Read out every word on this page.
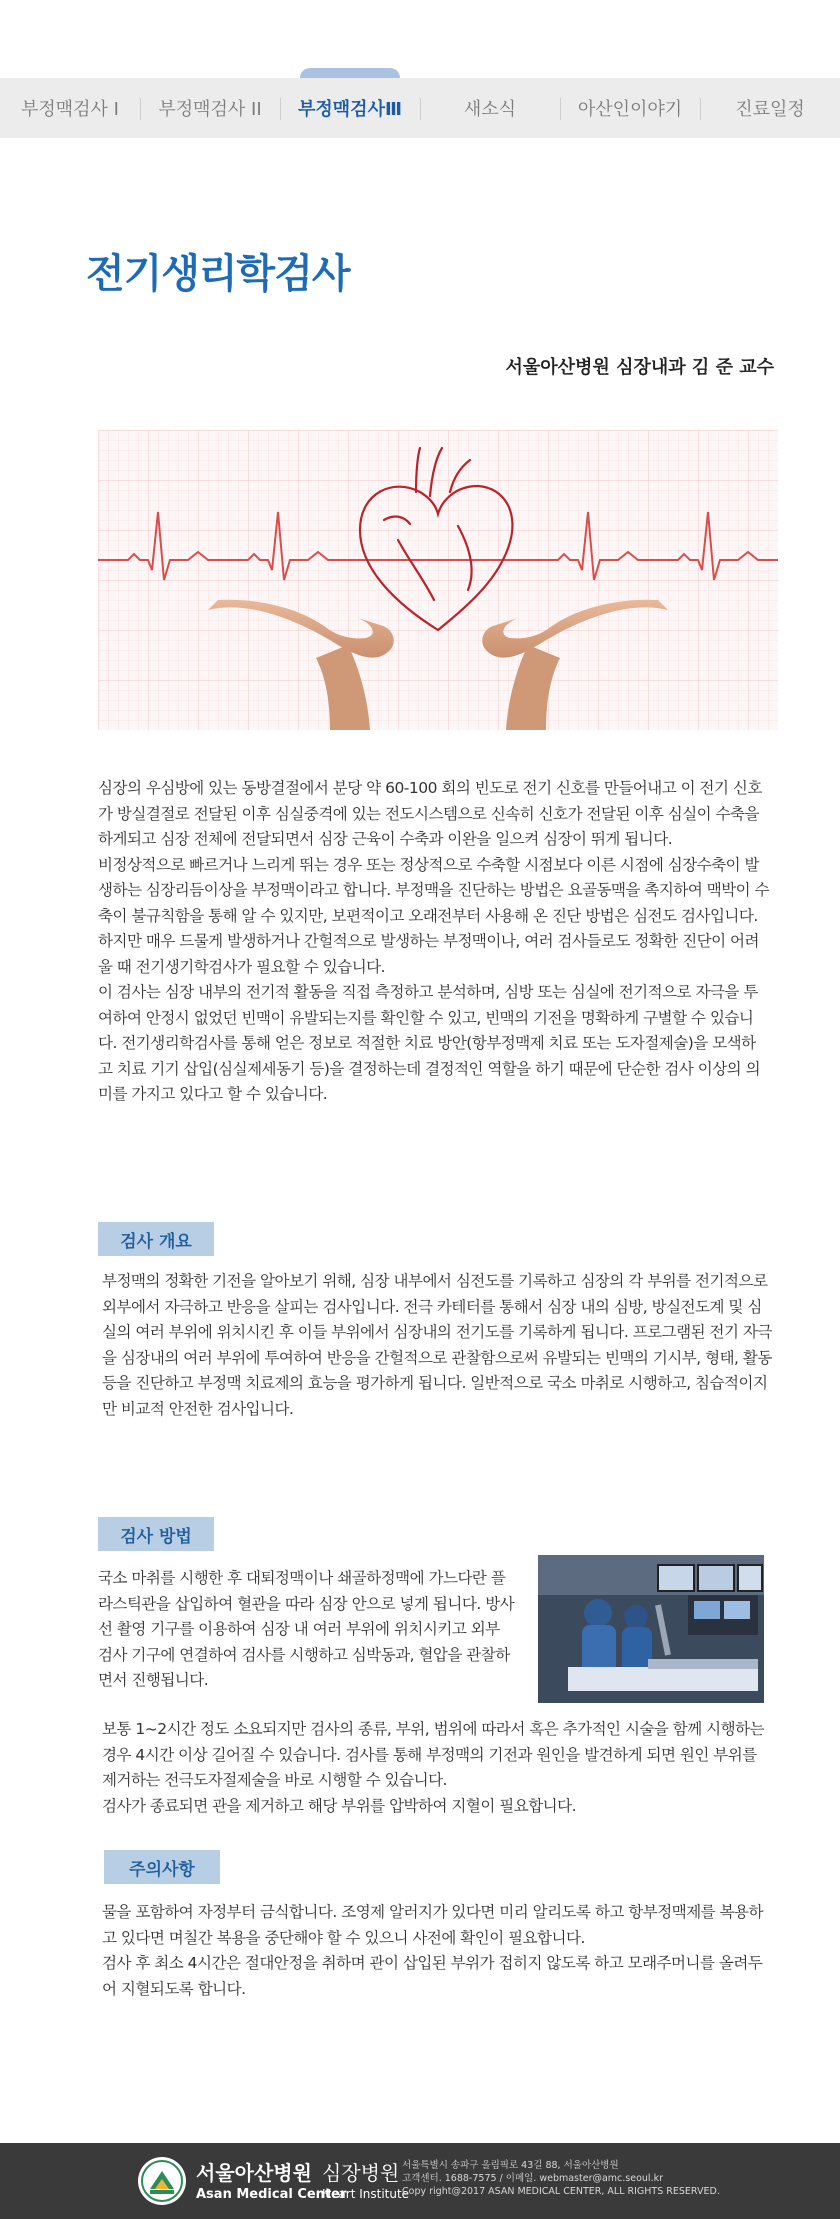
부정맥검사 I	부정맥검사 II	부정맥검사Ⅲ	새소식	아산인이야기	진료일정
전기생리학검사
서울아산병원 심장내과 김 준 교수

심장의 우심방에 있는 동방결절에서 분당 약 60-100 회의 빈도로 전기 신호를 만들어내고 이 전기 신호가 방실결절로 전달된 이후 심실중격에 있는 전도시스템으로 신속히 신호가 전달된 이후 심실이 수축을 하게되고 심장 전체에 전달되면서 심장 근육이 수축과 이완을 일으켜 심장이 뛰게 됩니다.

비정상적으로 빠르거나 느리게 뛰는 경우 또는 정상적으로 수축할 시점보다 이른 시점에 심장수축이 발생하는 심장리듬이상을 부정맥이라고 합니다. 부정맥을 진단하는 방법은 요골동맥을 촉지하여 맥박이 수축이 불규칙함을 통해 알 수 있지만, 보편적이고 오래전부터 사용해 온 진단 방법은 심전도 검사입니다. 하지만 매우 드물게 발생하거나 간헐적으로 발생하는 부정맥이나, 여러 검사들로도 정확한 진단이 어려울 때 전기생기학검사가 필요할 수 있습니다.

이 검사는 심장 내부의 전기적 활동을 직접 측정하고 분석하며, 심방 또는 심실에 전기적으로 자극을 투여하여 안정시 없었던 빈맥이 유발되는지를 확인할 수 있고, 빈맥의 기전을 명확하게 구별할 수 있습니다. 전기생리학검사를 통해 얻은 정보로 적절한 치료 방안(항부정맥제 치료 또는 도자절제술)을 모색하고 치료 기기 삽입(심실제세동기 등)을 결정하는데 결정적인 역할을 하기 때문에 단순한 검사 이상의 의미를 가지고 있다고 할 수 있습니다.

검사 개요
부정맥의 정확한 기전을 알아보기 위해, 심장 내부에서 심전도를 기록하고 심장의 각 부위를 전기적으로 외부에서 자극하고 반응을 살피는 검사입니다. 전극 카테터를 통해서 심장 내의 심방, 방실전도계 및 심실의 여러 부위에 위치시킨 후 이들 부위에서 심장내의 전기도를 기록하게 됩니다. 프로그램된 전기 자극을 심장내의 여러 부위에 투여하여 반응을 간헐적으로 관찰함으로써 유발되는 빈맥의 기시부, 형태, 활동 등을 진단하고 부정맥 치료제의 효능을 평가하게 됩니다. 일반적으로 국소 마취로 시행하고, 침습적이지만 비교적 안전한 검사입니다.
검사 방법
국소 마취를 시행한 후 대퇴정맥이나 쇄골하정맥에 가느다란 플라스틱관을 삽입하여 혈관을 따라 심장 안으로 넣게 됩니다. 방사선 촬영 기구를 이용하여 심장 내 여러 부위에 위치시키고 외부 검사 기구에 연결하여 검사를 시행하고 심박동과, 혈압을 관찰하면서 진행됩니다.

보통 1~2시간 정도 소요되지만 검사의 종류, 부위, 범위에 따라서 혹은 추가적인 시술을 함께 시행하는 경우 4시간 이상 길어질 수 있습니다. 검사를 통해 부정맥의 기전과 원인을 발견하게 되면 원인 부위를 제거하는 전극도자절제술을 바로 시행할 수 있습니다.

검사가 종료되면 관을 제거하고 해당 부위를 압박하여 지혈이 필요합니다.

주의사항

물을 포함하여 자정부터 금식합니다. 조영제 알러지가 있다면 미리 알리도록 하고 항부정맥제를 복용하고 있다면 며칠간 복용을 중단해야 할 수 있으니 사전에 확인이 필요합니다.

검사 후 최소 4시간은 절대안정을 취하며 관이 삽입된 부위가 접히지 않도록 하고 모래주머니를 올려두어 지혈되도록 합니다.

서울아산병원
Asan Medical Center
심장병원
Heart Institute
서울특별시 송파구 올림픽로 43길 88, 서울아산병원
고객센터. 1688-7575 / 이메일. webmaster@amc.seoul.kr
Copy right@2017 ASAN MEDICAL CENTER, ALL RIGHTS RESERVED.
